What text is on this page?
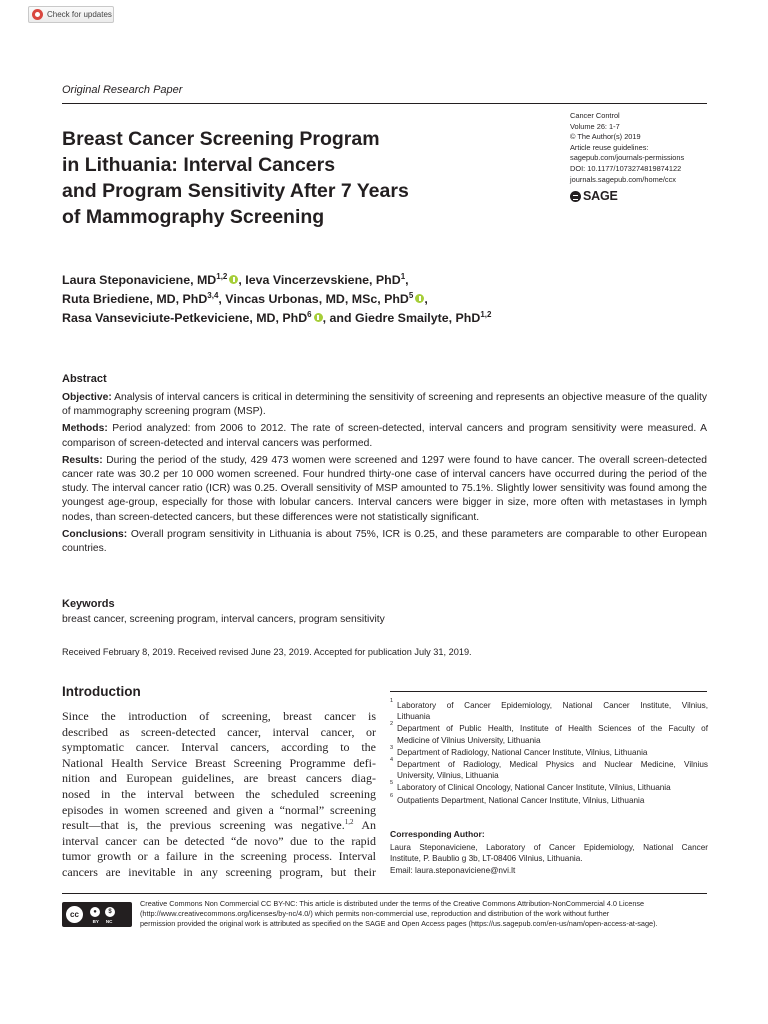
Check for updates
Original Research Paper
Breast Cancer Screening Program
in Lithuania: Interval Cancers
and Program Sensitivity After 7 Years
of Mammography Screening
Cancer Control
Volume 26: 1-7
© The Author(s) 2019
Article reuse guidelines:
sagepub.com/journals-permissions
DOI: 10.1177/1073274819874122
journals.sagepub.com/home/ccx
SAGE
Laura Steponaviciene, MD$^{1,2}$ , Ieva Vincerzevskiene, PhD$^1$,
Ruta Briediene, MD, PhD$^{3,4}$, Vincas Urbonas, MD, MSc, PhD$^5$ ,
Rasa Vanseviciute-Petkeviciene, MD, PhD$^6$ , and Giedre Smailyte, PhD$^{1,2}$
Abstract

Objective: Analysis of interval cancers is critical in determining the sensitivity of screening and represents an objective measure of the quality of mammography screening program (MSP).

Methods: Period analyzed: from 2006 to 2012. The rate of screen-detected, interval cancers and program sensitivity were measured. A comparison of screen-detected and interval cancers was performed.

Results: During the period of the study, 429 473 women were screened and 1297 were found to have cancer. The overall screen-detected cancer rate was 30.2 per 10 000 women screened. Four hundred thirty-one case of interval cancers have occurred during the period of the study. The interval cancer ratio (ICR) was 0.25. Overall sensitivity of MSP amounted to 75.1%. Slightly lower sensitivity was found among the youngest age-group, especially for those with lobular cancers. Interval cancers were bigger in size, more often with metastases in lymph nodes, than screen-detected cancers, but these differences were not statistically significant.

Conclusions: Overall program sensitivity in Lithuania is about 75%, ICR is 0.25, and these parameters are comparable to other European countries.

Keywords
breast cancer, screening program, interval cancers, program sensitivity
Received February 8, 2019. Received revised June 23, 2019. Accepted for publication July 31, 2019.
Introduction
Since the introduction of screening, breast cancer is
described as screen-detected cancer, interval cancer, or
symptomatic cancer. Interval cancers, according to the
National Health Service Breast Screening Programme defi-
nition and European guidelines, are breast cancers diag-
nosed in the interval between the scheduled screening
episodes in women screened and given a “normal” screening
result—that is, the previous screening was negative.$^{1,2}$ An
interval cancer can be detected “de novo” due to the rapid
tumor growth or a failure in the screening process. Interval
cancers are inevitable in any screening program, but their
1 Laboratory of Cancer Epidemiology, National Cancer Institute, Vilnius,
Lithuania
2 Department of Public Health, Institute of Health Sciences of the Faculty of
Medicine of Vilnius University, Lithuania
3 Department of Radiology, National Cancer Institute, Vilnius, Lithuania
4 Department of Radiology, Medical Physics and Nuclear Medicine, Vilnius
University, Vilnius, Lithuania
5 Laboratory of Clinical Oncology, National Cancer Institute, Vilnius, Lithuania
6 Outpatients Department, National Cancer Institute, Vilnius, Lithuania
Corresponding Author:
Laura Steponaviciene, Laboratory of Cancer Epidemiology, National Cancer
Institute, P. Baublio g 3b, LT-08406 Vilnius, Lithuania.
Email: laura.steponaviciene@nvi.lt
cc	●	$
BY NC
Creative Commons Non Commercial CC BY-NC: This article is distributed under the terms of the Creative Commons Attribution-NonCommercial 4.0 License
(http://www.creativecommons.org/licenses/by-nc/4.0/) which permits non-commercial use, reproduction and distribution of the work without further
permission provided the original work is attributed as specified on the SAGE and Open Access pages (https://us.sagepub.com/en-us/nam/open-access-at-sage).
